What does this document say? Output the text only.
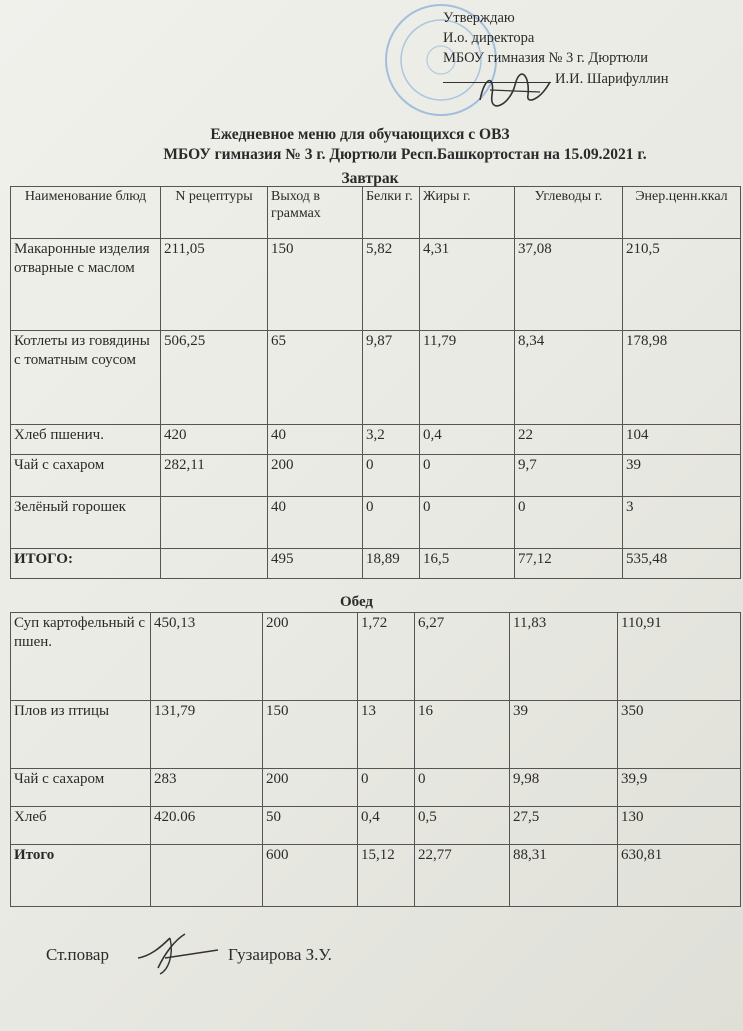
Утверждаю
И.о. директора
МБОУ гимназия № 3 г. Дюртюли
И.И. Шарифуллин
Ежедневное меню для обучающихся с ОВЗ
МБОУ гимназия № 3 г. Дюртюли Респ.Башкортостан на 15.09.2021 г.
Завтрак
Наименование блюд	N рецептуры	Выход в граммах	Белки г.	Жиры г.	Углеводы г.	Энер.ценн.ккал
Макаронные изделия отварные с маслом	211,05	150	5,82	4,31	37,08	210,5
Котлеты из говядины с томатным соусом	506,25	65	9,87	11,79	8,34	178,98
Хлеб пшенич.	420	40	3,2	0,4	22	104
Чай с сахаром	282,11	200	0	0	9,7	39
Зелёный горошек		40	0	0	0	3
ИТОГО:		495	18,89	16,5	77,12	535,48
Обед
Суп картофельный с пшен.	450,13	200	1,72	6,27	11,83	110,91
Плов из птицы	131,79	150	13	16	39	350
Чай с сахаром	283	200	0	0	9,98	39,9
Хлеб	420.06	50	0,4	0,5	27,5	130
Итого		600	15,12	22,77	88,31	630,81
Ст.повар	Гузаирова З.У.
